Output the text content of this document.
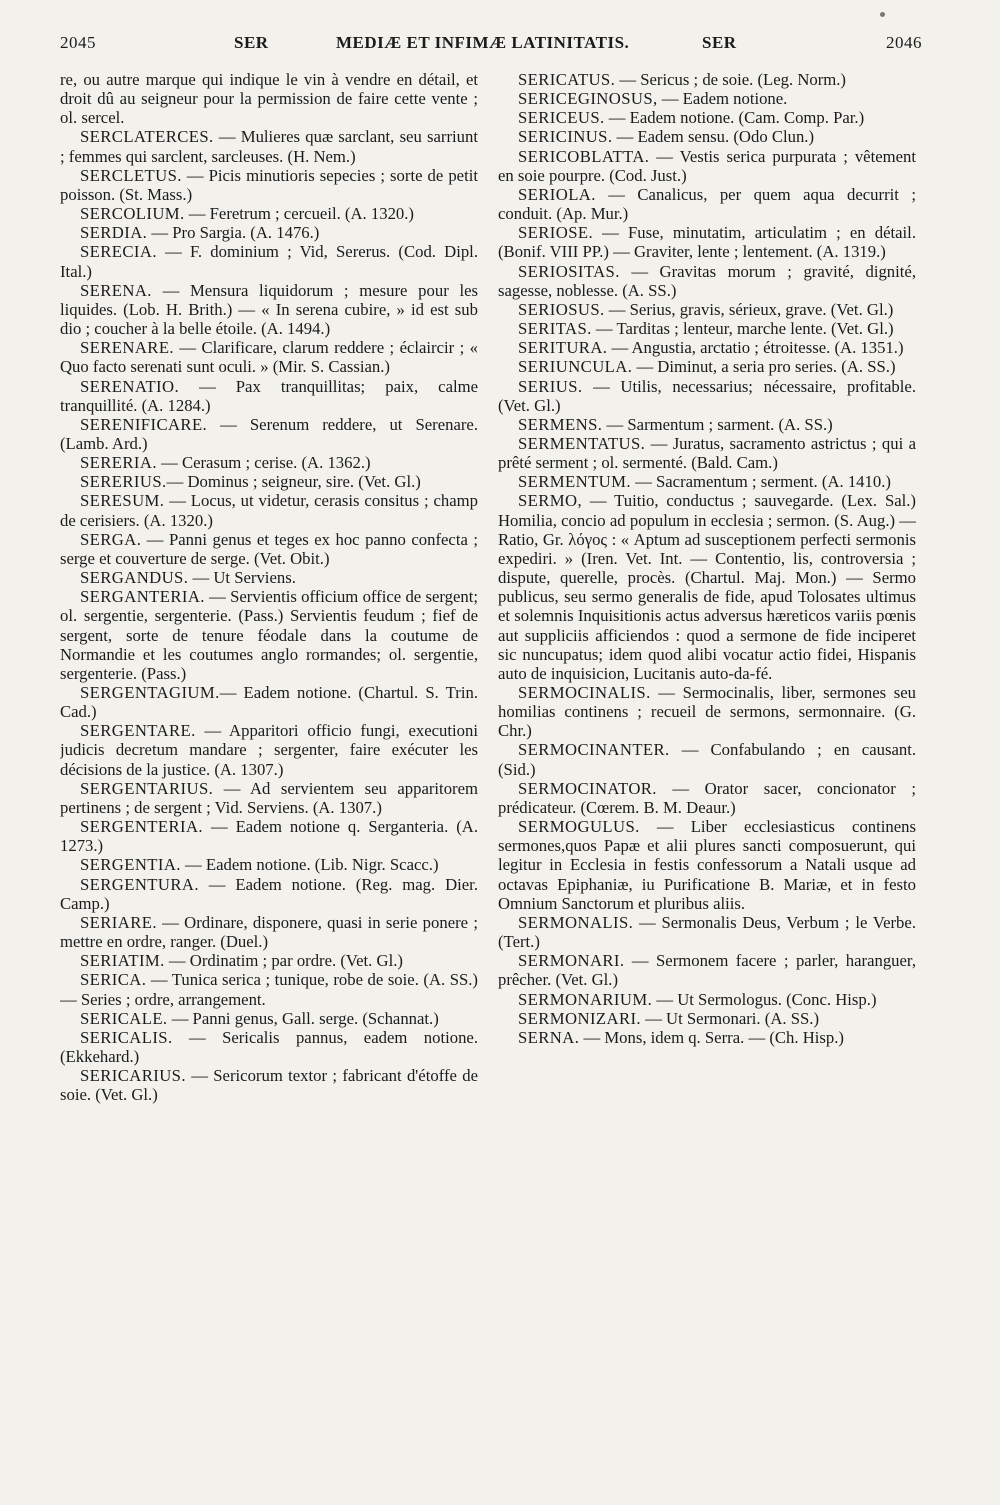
2045	SER	MEDIÆ ET INFIMÆ LATINITATIS.	SER	2046

re, ou autre marque qui indique le vin à vendre en détail, et droit dû au seigneur pour la permission de faire cette vente ; ol. sercel.

SERCLATERCES. — Mulieres quæ sarclant, seu sarriunt ; femmes qui sarclent, sarcleuses. (H. Nem.)

SERCLETUS. — Picis minutioris sepecies ; sorte de petit poisson. (St. Mass.)

SERCOLIUM. — Feretrum ; cercueil. (A. 1320.)

SERDIA. — Pro Sargia. (A. 1476.)

SERECIA. — F. dominium ; Vid, Sererus. (Cod. Dipl. Ital.)

SERENA. — Mensura liquidorum ; mesure pour les liquides. (Lob. H. Brith.) — « In serena cubire, » id est sub dio ; coucher à la belle étoile. (A. 1494.)

SERENARE. — Clarificare, clarum reddere ; éclaircir ; « Quo facto serenati sunt oculi. » (Mir. S. Cassian.)

SERENATIO. — Pax tranquillitas; paix, calme tranquillité. (A. 1284.)

SERENIFICARE. — Serenum reddere, ut Serenare. (Lamb. Ard.)

SERERIA. — Cerasum ; cerise. (A. 1362.)

SERERIUS.— Dominus ; seigneur, sire. (Vet. Gl.)

SERESUM. — Locus, ut videtur, cerasis consitus ; champ de cerisiers. (A. 1320.)

SERGA. — Panni genus et teges ex hoc panno confecta ; serge et couverture de serge. (Vet. Obit.)

SERGANDUS. — Ut Serviens.

SERGANTERIA. — Servientis officium office de sergent; ol. sergentie, sergenterie. (Pass.) Servientis feudum ; fief de sergent, sorte de tenure féodale dans la coutume de Normandie et les coutumes anglo rormandes; ol. sergentie, sergenterie. (Pass.)

SERGENTAGIUM.— Eadem notione. (Chartul. S. Trin. Cad.)

SERGENTARE. — Apparitori officio fungi, executioni judicis decretum mandare ; sergenter, faire exécuter les décisions de la justice. (A. 1307.)

SERGENTARIUS. — Ad servientem seu apparitorem pertinens ; de sergent ; Vid. Serviens. (A. 1307.)

SERGENTERIA. — Eadem notione q. Serganteria. (A. 1273.)

SERGENTIA. — Eadem notione. (Lib. Nigr. Scacc.)

SERGENTURA. — Eadem notione. (Reg. mag. Dier. Camp.)

SERIARE. — Ordinare, disponere, quasi in serie ponere ; mettre en ordre, ranger. (Duel.)

SERIATIM. — Ordinatim ; par ordre. (Vet. Gl.)

SERICA. — Tunica serica ; tunique, robe de soie. (A. SS.) — Series ; ordre, arrangement.

SERICALE. — Panni genus, Gall. serge. (Schannat.)

SERICALIS. — Sericalis pannus, eadem notione. (Ekkehard.)

SERICARIUS. — Sericorum textor ; fabricant d'étoffe de soie. (Vet. Gl.)

SERICATUS. — Sericus ; de soie. (Leg. Norm.)

SERICEGINOSUS, — Eadem notione.

SERICEUS. — Eadem notione. (Cam. Comp. Par.)

SERICINUS. — Eadem sensu. (Odo Clun.)

SERICOBLATTA. — Vestis serica purpurata ; vêtement en soie pourpre. (Cod. Just.)

SERIOLA. — Canalicus, per quem aqua decurrit ; conduit. (Ap. Mur.)

SERIOSE. — Fuse, minutatim, articulatim ; en détail. (Bonif. VIII PP.) — Graviter, lente ; lentement. (A. 1319.)

SERIOSITAS. — Gravitas morum ; gravité, dignité, sagesse, noblesse. (A. SS.)

SERIOSUS. — Serius, gravis, sérieux, grave. (Vet. Gl.)

SERITAS. — Tarditas ; lenteur, marche lente. (Vet. Gl.)

SERITURA. — Angustia, arctatio ; étroitesse. (A. 1351.)

SERIUNCULA. — Diminut, a seria pro series. (A. SS.)

SERIUS. — Utilis, necessarius; nécessaire, profitable. (Vet. Gl.)

SERMENS. — Sarmentum ; sarment. (A. SS.)

SERMENTATUS. — Juratus, sacramento astrictus ; qui a prêté serment ; ol. sermenté. (Bald. Cam.)

SERMENTUM. — Sacramentum ; serment. (A. 1410.)

SERMO, — Tuitio, conductus ; sauvegarde. (Lex. Sal.) Homilia, concio ad populum in ecclesia ; sermon. (S. Aug.) — Ratio, Gr. λόγος : « Aptum ad susceptionem perfecti sermonis expediri. » (Iren. Vet. Int. — Contentio, lis, controversia ; dispute, querelle, procès. (Chartul. Maj. Mon.) — Sermo publicus, seu sermo generalis de fide, apud Tolosates ultimus et solemnis Inquisitionis actus adversus hæreticos variis pœnis aut suppliciis afficiendos : quod a sermone de fide inciperet sic nuncupatus; idem quod alibi vocatur actio fidei, Hispanis auto de inquisicion, Lucitanis auto-da-fé.

SERMOCINALIS. — Sermocinalis, liber, sermones seu homilias continens ; recueil de sermons, sermonnaire. (G. Chr.)

SERMOCINANTER. — Confabulando ; en causant. (Sid.)

SERMOCINATOR. — Orator sacer, concionator ; prédicateur. (Cœrem. B. M. Deaur.)

SERMOGULUS. — Liber ecclesiasticus continens sermones,quos Papæ et alii plures sancti composuerunt, qui legitur in Ecclesia in festis confessorum a Natali usque ad octavas Epiphaniæ, iu Purificatione B. Mariæ, et in festo Omnium Sanctorum et pluribus aliis.

SERMONALIS. — Sermonalis Deus, Verbum ; le Verbe. (Tert.)

SERMONARI. — Sermonem facere ; parler, haranguer, prêcher. (Vet. Gl.)

SERMONARIUM. — Ut Sermologus. (Conc. Hisp.)

SERMONIZARI. — Ut Sermonari. (A. SS.)

SERNA. — Mons, idem q. Serra. — (Ch. Hisp.)
